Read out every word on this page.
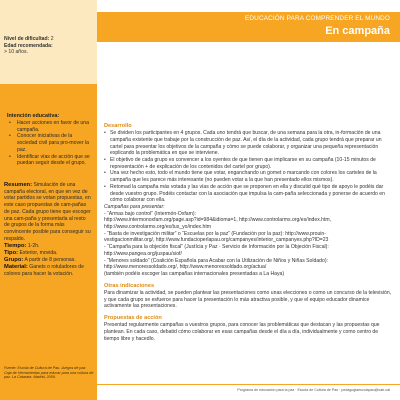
Nivel de dificultad: 2
Edad recomendada:
> 10 años.
Intención educativa:
• Hacer acciones en favor de una campaña.
• Conocer iniciativas de la sociedad civil para pro-mover la paz.
• Identificar vías de acción que se puedan seguir desde el grupo.

Resumen: Simulación de una campaña electoral, en que en vez de votar partidos se votan propuestas, en este caso propuestas de cam-pañas de paz. Cada grupo tiene que escoger una cam-paña y presentarla al resto de grupos de la forma más convincente posible para conseguir su respaldo.

Tiempo: 1-2h.

Tipo: Exterior, movida.

Grupo: A partir de 8 personas.

Material: Ganets o rotuladores de colores para hacer la votación.

Fuente: Escola de Cultura de Pau. Juegos de paz. Caja de Herramientas para educar para una cultura de paz. La Catarata. Madrid, 2009.
EDUCACIÓN PARA COMPRENDER EL MUNDO
En campaña
Desarrollo
• Se dividen los participantes en 4 grupos. Cada uno tendrá que buscar, de una semana para la otra, in-formación de una campaña existente que trabaje por la construcción de paz. Así, el día de la actividad, cada grupo tendrá que preparar un cartel para presentar los objetivos de la campaña y cómo se puede colaborar, y organizar una pequeña representación explicando la problemática en que se interviene.
• El objetivo de cada grupo es convencer a los oyentes de que tienen que implicarse en su campaña (10-15 minutos de representación + de explicación de los contenidos del cartel por grupo).
• Una vez hecho esto, todo el mundo tiene que votar, enganchando un gomet o marcando con colores los carteles de la campaña que les parece más interesante (no pueden votar a la que han presentado ellos mismos).
• Retomad la campaña más votada y las vías de acción que se proponen en ella y discutid qué tipo de apoyo le podéis dar desde vuestro grupo. Podéis contactar con la asociación que impulsa la cam-paña seleccionada y ponerse de acuerdo en cómo colaborar con ella.

Campañas para presentar:

- “Armas bajo control” (Intermón-Oxfam):

http://www.intermonoxfam.org/page.asp?id=984&idioma=1, http://www.controlarms.org/es/index.htm,

http://www.controlarms.org/es/tus_yo/index.htm

- “Basta de investigación militar” o “Escuelas por la paz” (Fundación por la paz): http://www.prouin-

vestigacionmilitar.org/, http://www.fundacioperlapau.org/campanyes/interior_campanyes.php?ID=23

- “Campaña para la objeción fiscal” (Justícia y Paz · Servicio de Información por la Objeción Fiscal):

http://www.pangea.org/juspau/siof/

- “Menores soldado” (Coalición Española para Acabar con la Utilización de Niños y Niñas Soldado):

http://www.menoressoldado.org/, http://www.menoressoldado.org/actua/

(también podéis escoger las campañas internacionales presentadas a La Haya)

Otras indicaciones

Para dinamizar la actividad, se pueden plantear las presentaciones como unas elecciones o como un concurso de la televisión, y que cada grupo se esfuerce para hacer la presentación lo más atractiva posible, y que el equipo educador dinamice activamente las presentaciones.

Propuestas de acción

Presentad regularmente campañas a vuestros grupos, para conocer las problemáticas que destacan y las propuestas que plantean. En cada caso, debatid cómo colaborar en esas campañas desde el día a día, individualmente y como centro de tiempo libre y hacedlo.

Programa de educación para la paz · Escola de Cultura de Pau · pedagogiaescolapau@uab.cat
